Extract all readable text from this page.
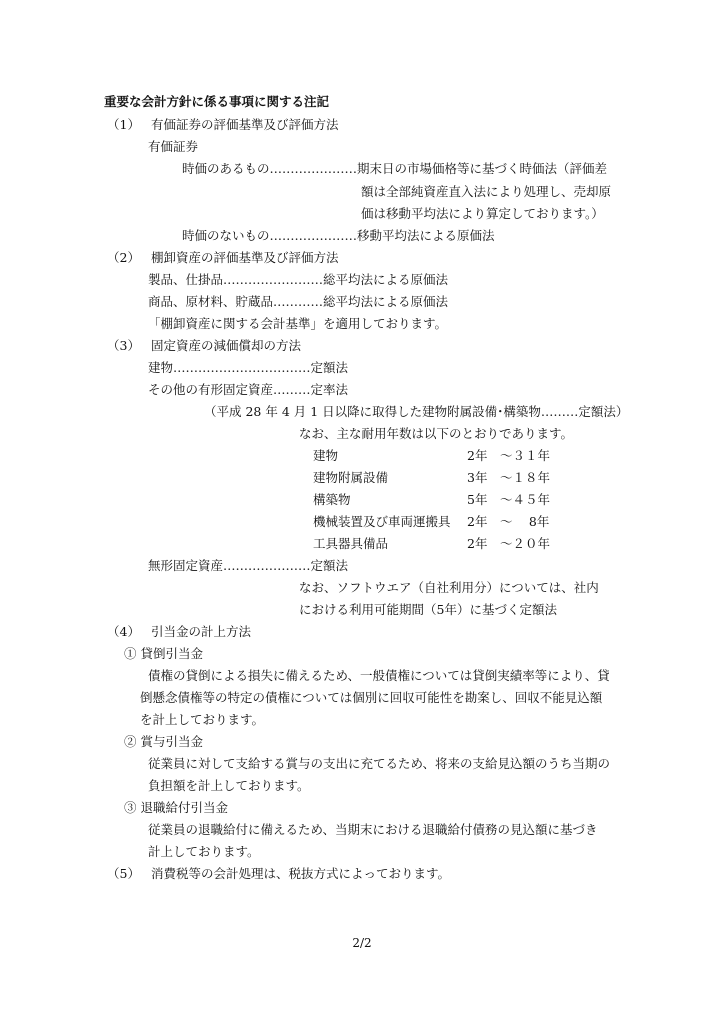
重要な会計方針に係る事項に関する注記
（1） 有価証券の評価基準及び評価方法
有価証券
時価のあるもの…………………期末日の市場価格等に基づく時価法（評価差
額は全部純資産直入法により処理し、売却原
価は移動平均法により算定しております。）
時価のないもの…………………移動平均法による原価法
（2） 棚卸資産の評価基準及び評価方法
製品、仕掛品……………………総平均法による原価法
商品、原材料、貯蔵品…………総平均法による原価法
「棚卸資産に関する会計基準」を適用しております。
（3） 固定資産の減価償却の方法
建物……………………………定額法
その他の有形固定資産………定率法
（平成 28 年 4 月 1 日以降に取得した建物附属設備･構築物………定額法）
なお、主な耐用年数は以下のとおりであります。
建物	2年　～３１年
建物附属設備	3年　～１８年
構築物	5年　～４５年
機械装置及び車両運搬具 2年　～　 8年
工具器具備品	2年　～２０年
無形固定資産…………………定額法
なお、ソフトウエア（自社利用分）については、社内
における利用可能期間（5年）に基づく定額法
（4） 引当金の計上方法
① 貸倒引当金
債権の貸倒による損失に備えるため、一般債権については貸倒実績率等により、貸
倒懸念債権等の特定の債権については個別に回収可能性を勘案し、回収不能見込額
を計上しております。
② 賞与引当金
従業員に対して支給する賞与の支出に充てるため、将来の支給見込額のうち当期の
負担額を計上しております。
③ 退職給付引当金
従業員の退職給付に備えるため、当期末における退職給付債務の見込額に基づき
計上しております。
（5） 消費税等の会計処理は、税抜方式によっております。
2/2
